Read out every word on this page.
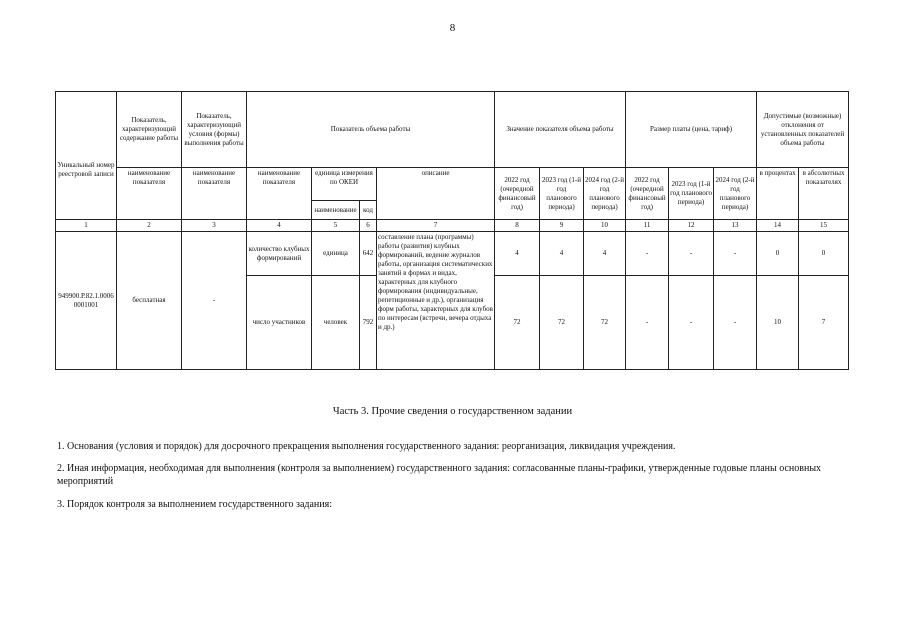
8
Уникальный номер реестровой записи	Показатель, характеризующий содержание работы	Показатель, характеризующий условия (формы) выполнения работы	Показатель объема работы				Значение показателя объема работы			Размер платы (цена, тариф)			Допустимые (возможные) отклонения от установленных показателей объема работы	
	наименование показателя	наименование показателя	наименование показателя	единица измерения по ОКЕИ		описание	2022 год (очередной финансовый год)	2023 год (1-й год планового периода)	2024 год (2-й год планового периода)	2022 год (очередной финансовый год)	2023 год (1-й год планового периода)	2024 год (2-й год планового периода)	в процентах	в абсолютных показателях
				наименование	код									
1	2	3	4	5	6	7	8	9	10	11	12	13	14	15
949900.Р.82.1.00060001001	бесплатная	-	количество клубных формирований	единица	642	составление плана (программы) работы (развития) клубных формирований, ведение журналов работы, организация систематических занятий в формах и видах, характерных для клубного формирования (индивидуальные, репетиционные и др.), организация форм работы, характерных для клубов по интересам (встречи, вечера отдыха и др.)	4	4	4	-	-	-	0	0
			число участников	человек	792		72	72	72	-	-	-	10	7
Часть 3. Прочие сведения о государственном задании
1. Основания (условия и порядок) для досрочного прекращения выполнения государственного задания: реорганизация, ликвидация учреждения.
2. Иная информация, необходимая для выполнения (контроля за выполнением) государственного задания: согласованные планы-графики, утвержденные годовые планы основных мероприятий
3. Порядок контроля за выполнением государственного задания:
